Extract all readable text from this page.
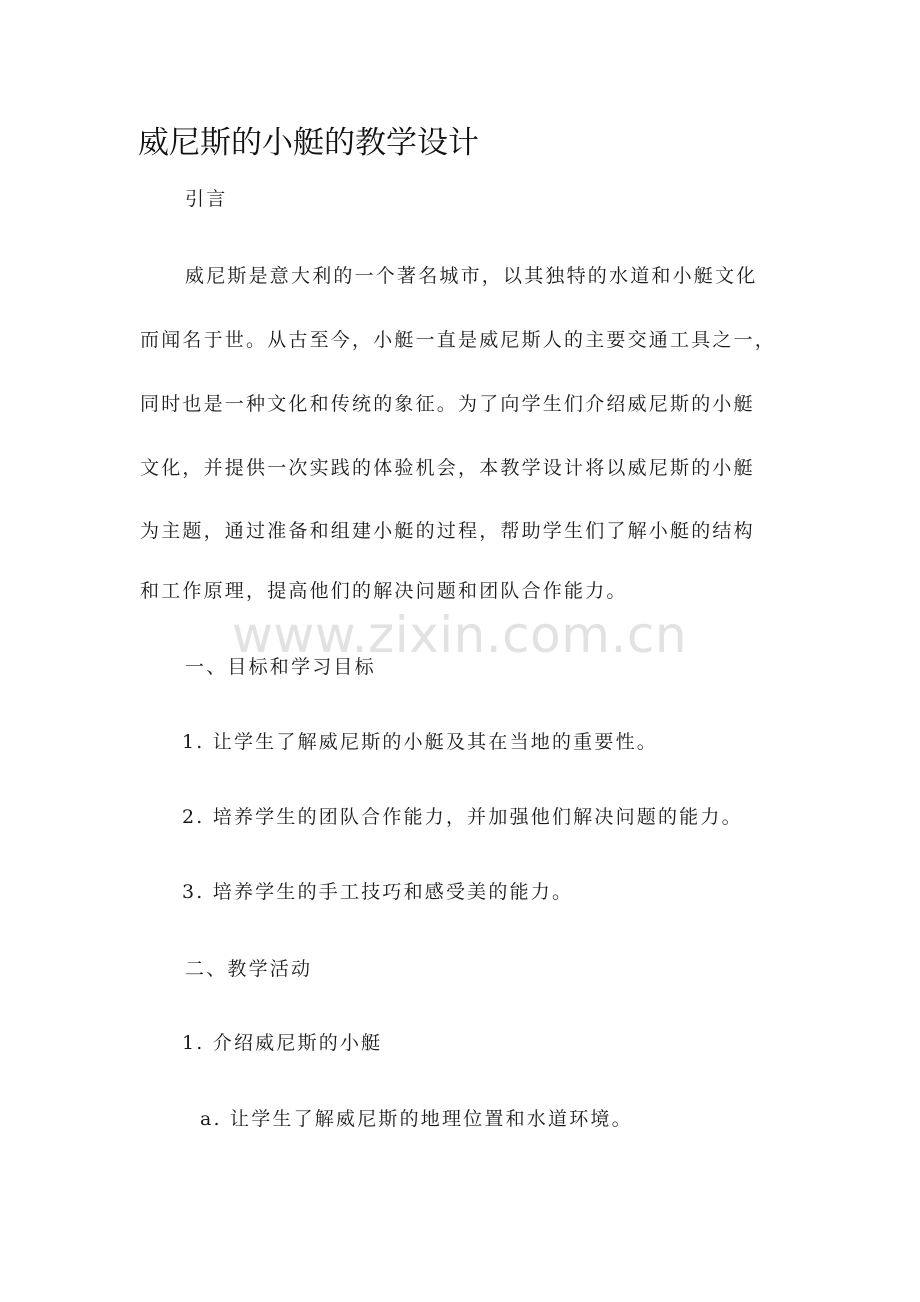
威尼斯的小艇的教学设计

引言

威尼斯是意大利的一个著名城市，以其独特的水道和小艇文化

而闻名于世。从古至今，小艇一直是威尼斯人的主要交通工具之一，

同时也是一种文化和传统的象征。为了向学生们介绍威尼斯的小艇

文化，并提供一次实践的体验机会，本教学设计将以威尼斯的小艇

为主题，通过准备和组建小艇的过程，帮助学生们了解小艇的结构

和工作原理，提高他们的解决问题和团队合作能力。

www.zixin.com.cn

一、目标和学习目标

1. 让学生了解威尼斯的小艇及其在当地的重要性。

2. 培养学生的团队合作能力，并加强他们解决问题的能力。

3. 培养学生的手工技巧和感受美的能力。

二、教学活动

1. 介绍威尼斯的小艇

a. 让学生了解威尼斯的地理位置和水道环境。
